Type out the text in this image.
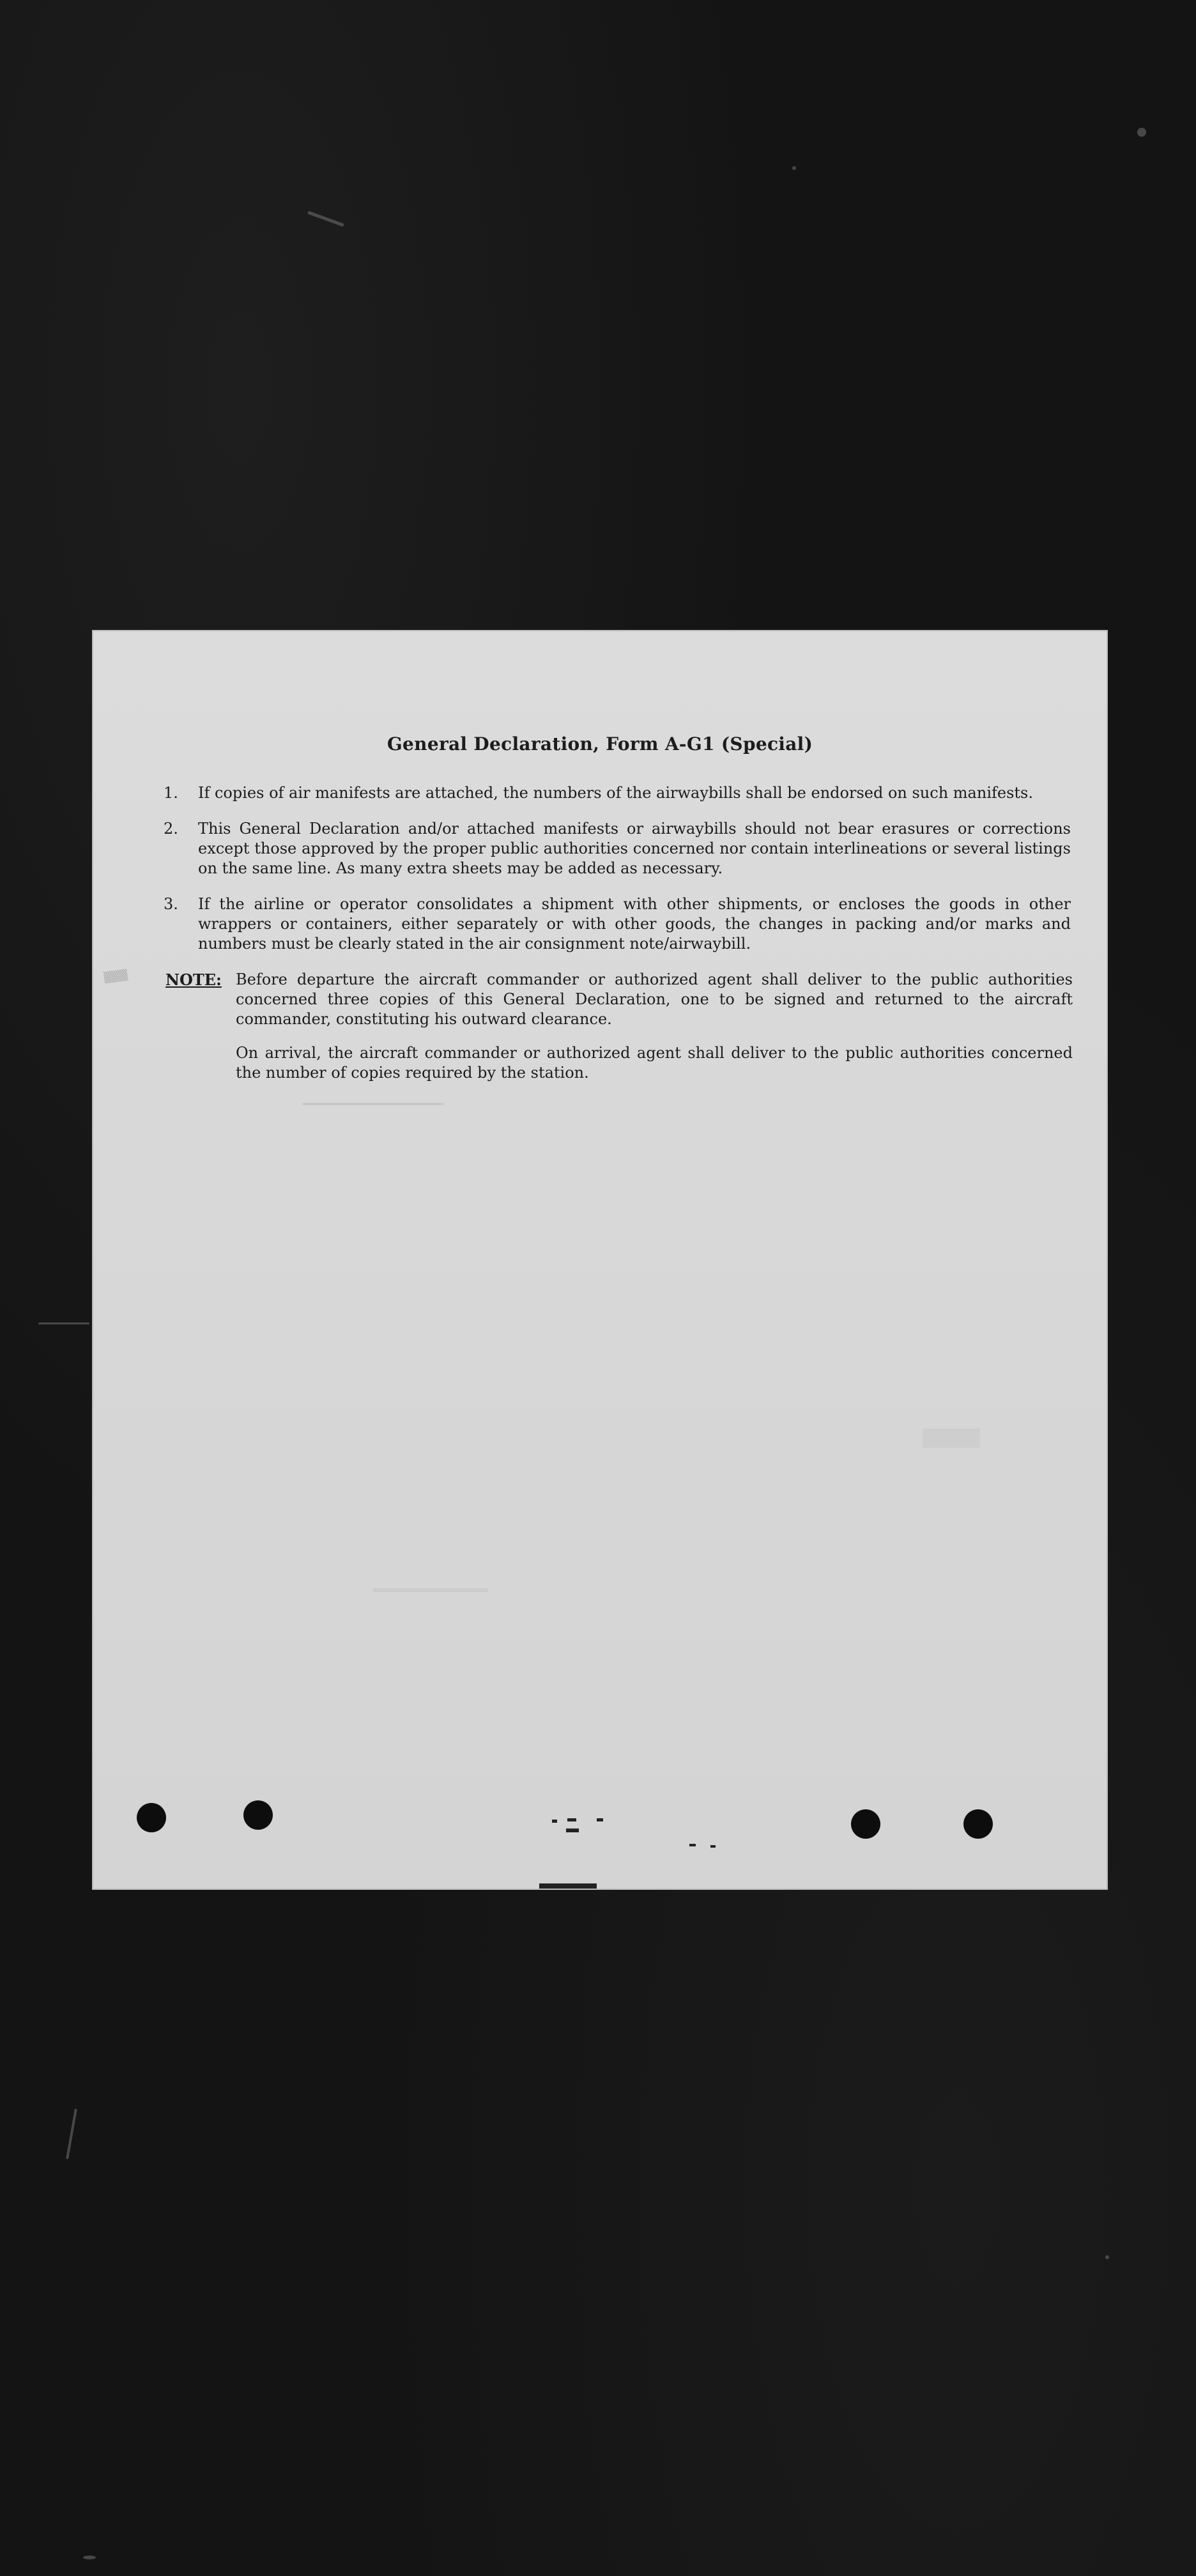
▒▒▒
General Declaration, Form A-G1 (Special)
1. If copies of air manifests are attached, the numbers of the airwaybills shall be endorsed on such manifests.
2. This General Declaration and/or attached manifests or airwaybills should not bear erasures or corrections except those approved by the proper public authorities concerned nor contain interlineations or several listings on the same line. As many extra sheets may be added as necessary.
3. If the airline or operator consolidates a shipment with other shipments, or encloses the goods in other wrappers or containers, either separately or with other goods, the changes in packing and/or marks and numbers must be clearly stated in the air consignment note/airwaybill.
NOTE: Before departure the aircraft commander or authorized agent shall deliver to the public authorities concerned three copies of this General Declaration, one to be signed and returned to the aircraft commander, constituting his outward clearance.
On arrival, the aircraft commander or authorized agent shall deliver to the public authorities concerned the number of copies required by the station.
